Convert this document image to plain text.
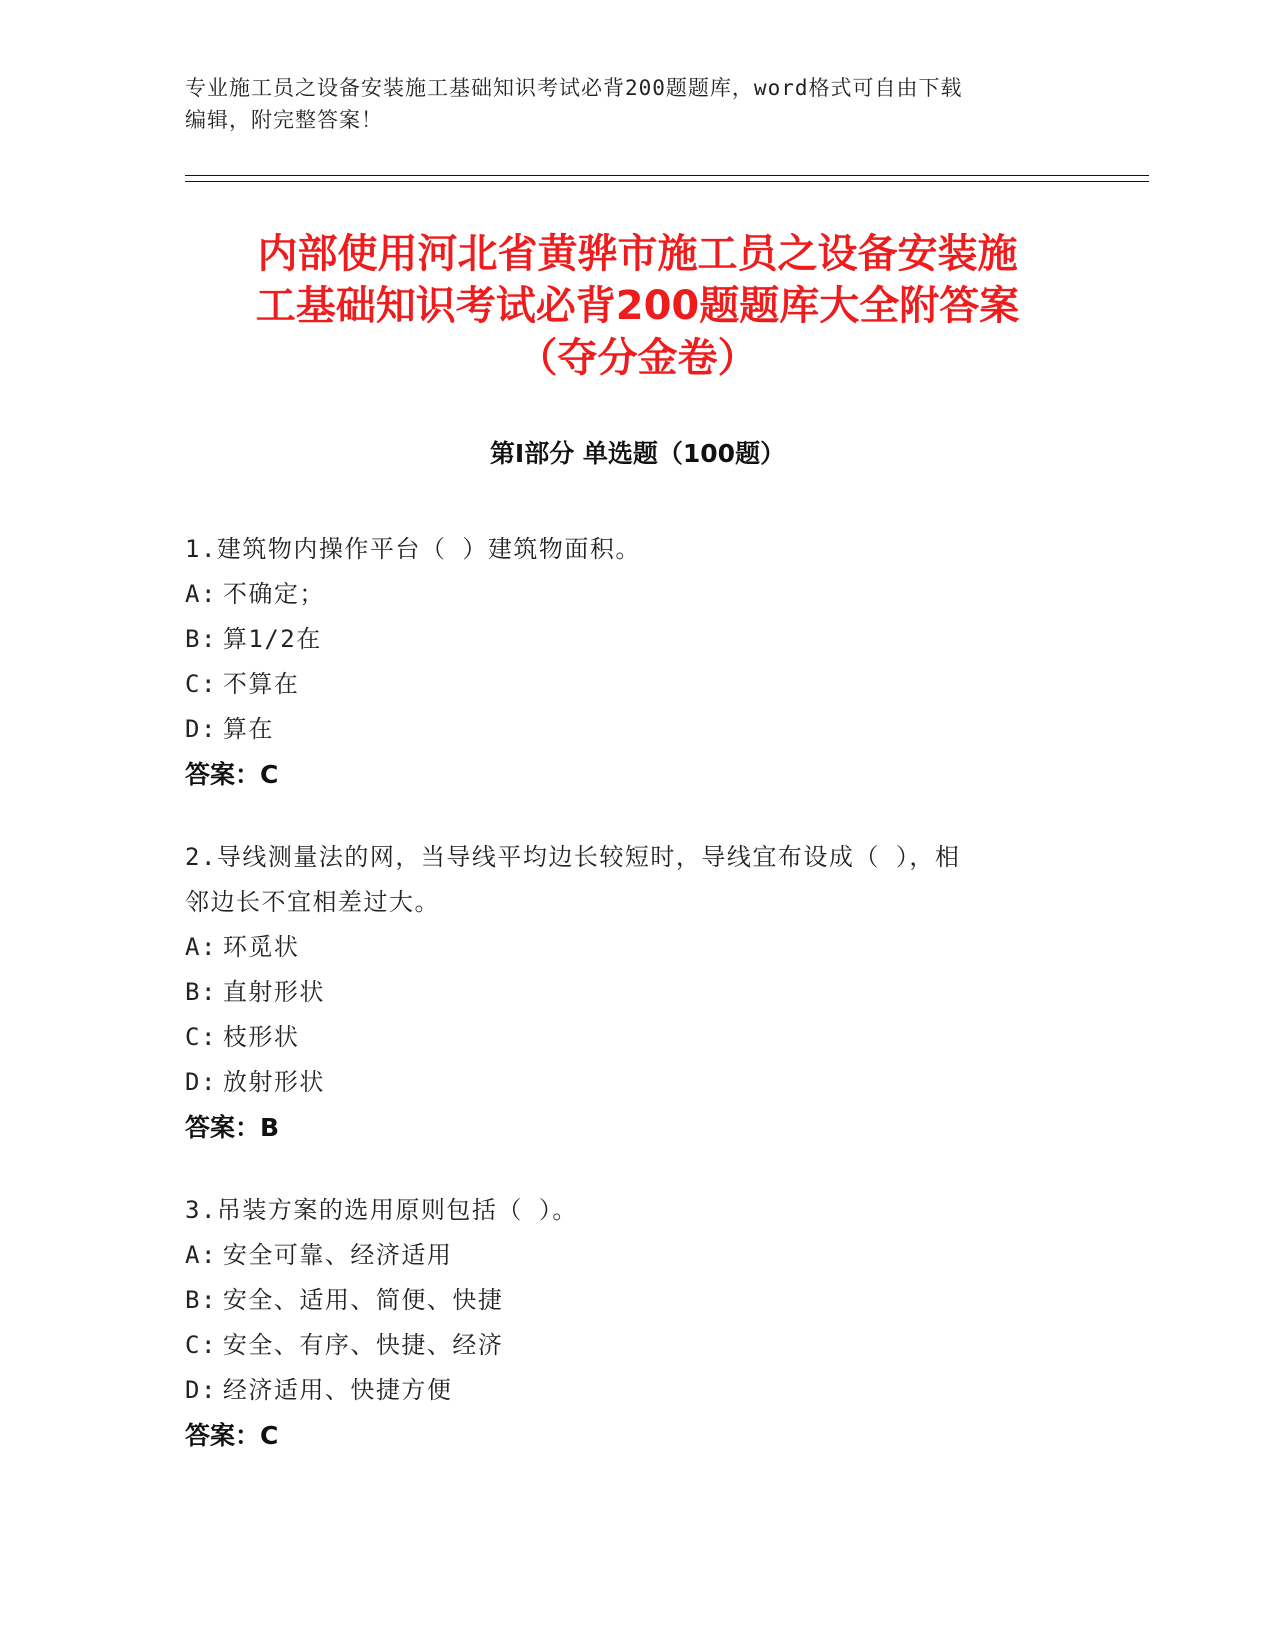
专业施工员之设备安装施工基础知识考试必背200题题库，word格式可自由下载
编辑，附完整答案！
内部使用河北省黄骅市施工员之设备安装施
工基础知识考试必背200题题库大全附答案
（夺分金卷）
第Ⅰ部分 单选题（100题）
1.建筑物内操作平台（ ）建筑物面积。
A: 不确定；
B: 算1/2在
C: 不算在
D: 算在
答案：C
2.导线测量法的网，当导线平均边长较短时，导线宜布设成（ ），相
邻边长不宜相差过大。
A: 环觅状
B: 直射形状
C: 枝形状
D: 放射形状
答案：B
3.吊装方案的选用原则包括（ ）。
A: 安全可靠、经济适用
B: 安全、适用、简便、快捷
C: 安全、有序、快捷、经济
D: 经济适用、快捷方便
答案：C
